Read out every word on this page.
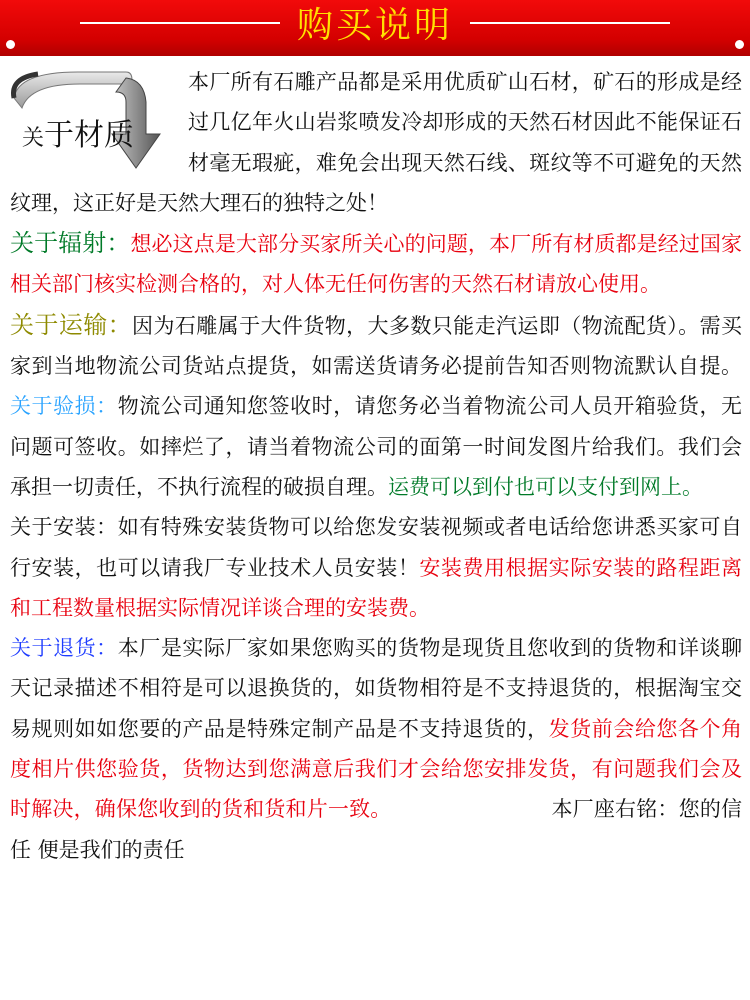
购买说明
关于材质
本厂所有石雕产品都是采用优质矿山石材，矿石的形成是经过几亿年火山岩浆喷发冷却形成的天然石材因此不能保证石材毫无瑕疵，难免会出现天然石线、斑纹等不可避免的天然纹理，这正好是天然大理石的独特之处！
关于辐射：想必这点是大部分买家所关心的问题，本厂所有材质都是经过国家相关部门核实检测合格的，对人体无任何伤害的天然石材请放心使用。
关于运输：因为石雕属于大件货物，大多数只能走汽运即（物流配货）。需买家到当地物流公司货站点提货，如需送货请务必提前告知否则物流默认自提。关于验损：物流公司通知您签收时，请您务必当着物流公司人员开箱验货，无问题可签收。如摔烂了，请当着物流公司的面第一时间发图片给我们。我们会承担一切责任，不执行流程的破损自理。运费可以到付也可以支付到网上。
关于安装：如有特殊安装货物可以给您发安装视频或者电话给您讲悉买家可自行安装，也可以请我厂专业技术人员安装！安装费用根据实际安装的路程距离和工程数量根据实际情况详谈合理的安装费。
关于退货：本厂是实际厂家如果您购买的货物是现货且您收到的货物和详谈聊天记录描述不相符是可以退换货的，如货物相符是不支持退货的，根据淘宝交易规则如如您要的产品是特殊定制产品是不支持退货的，发货前会给您各个角度相片供您验货，货物达到您满意后我们才会给您安排发货，有问题我们会及时解决，确保您收到的货和货和片一致。	本厂座右铭：您的信任 便是我们的责任
